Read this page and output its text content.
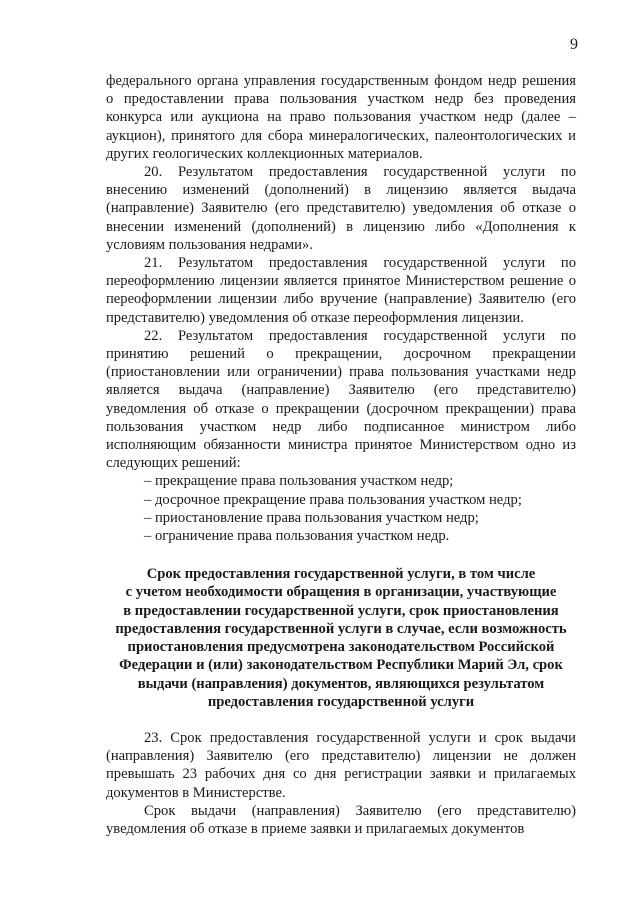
9

федерального органа управления государственным фондом недр решения о предоставлении права пользования участком недр без проведения конкурса или аукциона на право пользования участком недр (далее – аукцион), принятого для сбора минералогических, палеонтологических и других геологических коллекционных материалов.

20. Результатом предоставления государственной услуги по внесению изменений (дополнений) в лицензию является выдача (направление) Заявителю (его представителю) уведомления об отказе о внесении изменений (дополнений) в лицензию либо «Дополнения к условиям пользования недрами».

21. Результатом предоставления государственной услуги по переоформлению лицензии является принятое Министерством решение о переоформлении лицензии либо вручение (направление) Заявителю (его представителю) уведомления об отказе переоформления лицензии.

22. Результатом предоставления государственной услуги по принятию решений о прекращении, досрочном прекращении (приостановлении или ограничении) права пользования участками недр является выдача (направление) Заявителю (его представителю) уведомления об отказе о прекращении (досрочном прекращении) права пользования участком недр либо подписанное министром либо исполняющим обязанности министра принятое Министерством одно из следующих решений:

– прекращение права пользования участком недр;

– досрочное прекращение права пользования участком недр;

– приостановление права пользования участком недр;

– ограничение права пользования участком недр.

Срок предоставления государственной услуги, в том числе
с учетом необходимости обращения в организации, участвующие
в предоставлении государственной услуги, срок приостановления
предоставления государственной услуги в случае, если возможность
приостановления предусмотрена законодательством Российской
Федерации и (или) законодательством Республики Марий Эл, срок
выдачи (направления) документов, являющихся результатом
предоставления государственной услуги

23. Срок предоставления государственной услуги и срок выдачи (направления) Заявителю (его представителю) лицензии не должен превышать 23 рабочих дня со дня регистрации заявки и прилагаемых документов в Министерстве.

Срок выдачи (направления) Заявителю (его представителю) уведомления об отказе в приеме заявки и прилагаемых документов
